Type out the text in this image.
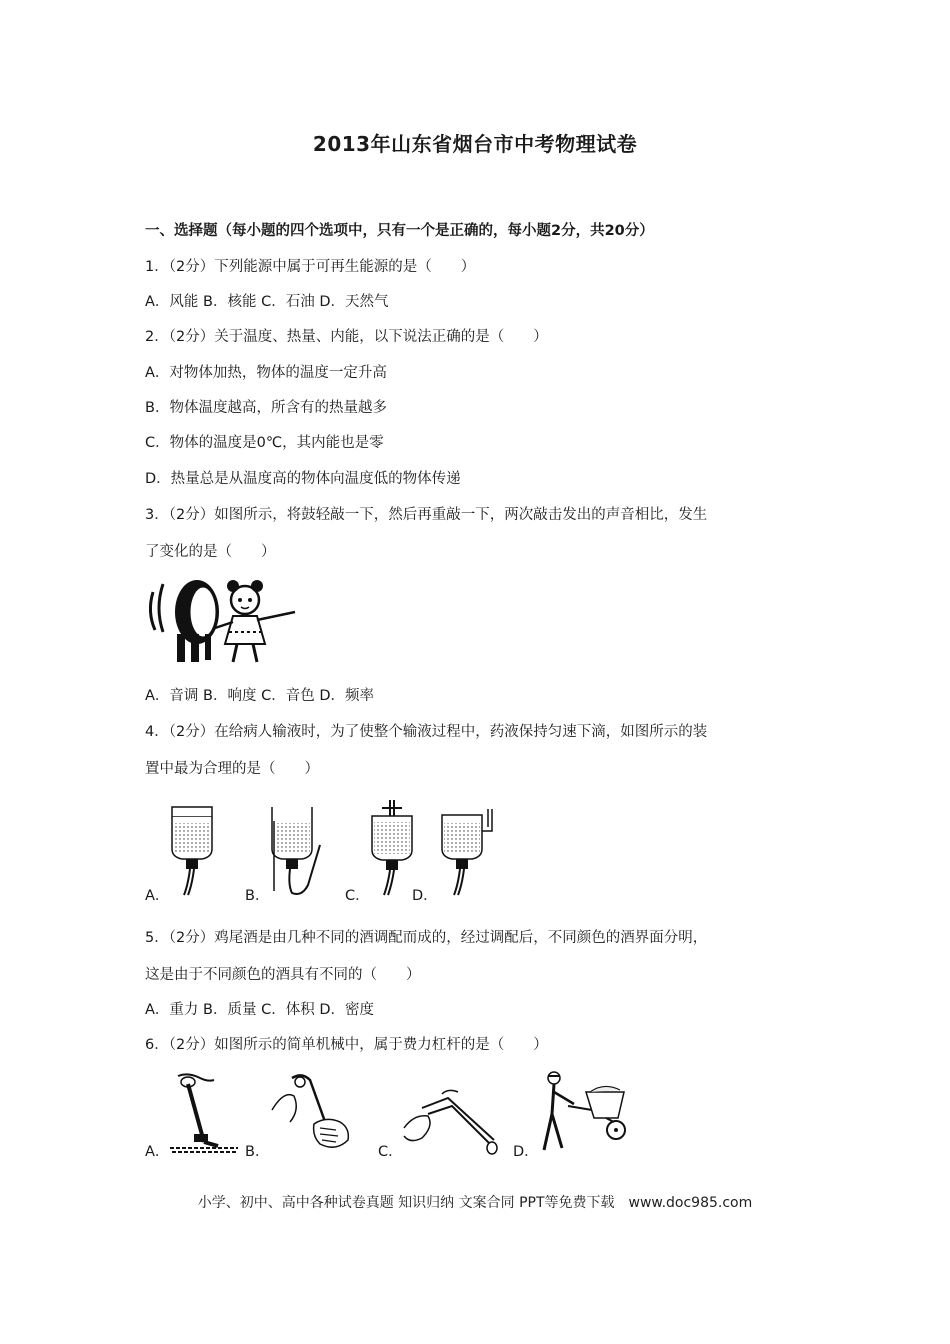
2013年山东省烟台市中考物理试卷
一、选择题（每小题的四个选项中，只有一个是正确的，每小题2分，共20分）
1．（2分）下列能源中属于可再生能源的是（　　）
A．风能 B．核能 C．石油 D．天然气
2．（2分）关于温度、热量、内能，以下说法正确的是（　　）
A．对物体加热，物体的温度一定升高
B．物体温度越高，所含有的热量越多
C．物体的温度是0℃，其内能也是零
D．热量总是从温度高的物体向温度低的物体传递
3．（2分）如图所示，将鼓轻敲一下，然后再重敲一下，两次敲击发出的声音相比，发生
了变化的是（　　）
A．音调 B．响度 C．音色 D．频率
4．（2分）在给病人输液时，为了使整个输液过程中，药液保持匀速下滴，如图所示的装
置中最为合理的是（　　）
A．	B．	C．	D．
5．（2分）鸡尾酒是由几种不同的酒调配而成的，经过调配后，不同颜色的酒界面分明，
这是由于不同颜色的酒具有不同的（　　）
A．重力 B．质量 C．体积 D．密度
6．（2分）如图所示的简单机械中，属于费力杠杆的是（　　）
A．	B．	C．	D．
小学、初中、高中各种试卷真题 知识归纳 文案合同 PPT等免费下载　www.doc985.com
